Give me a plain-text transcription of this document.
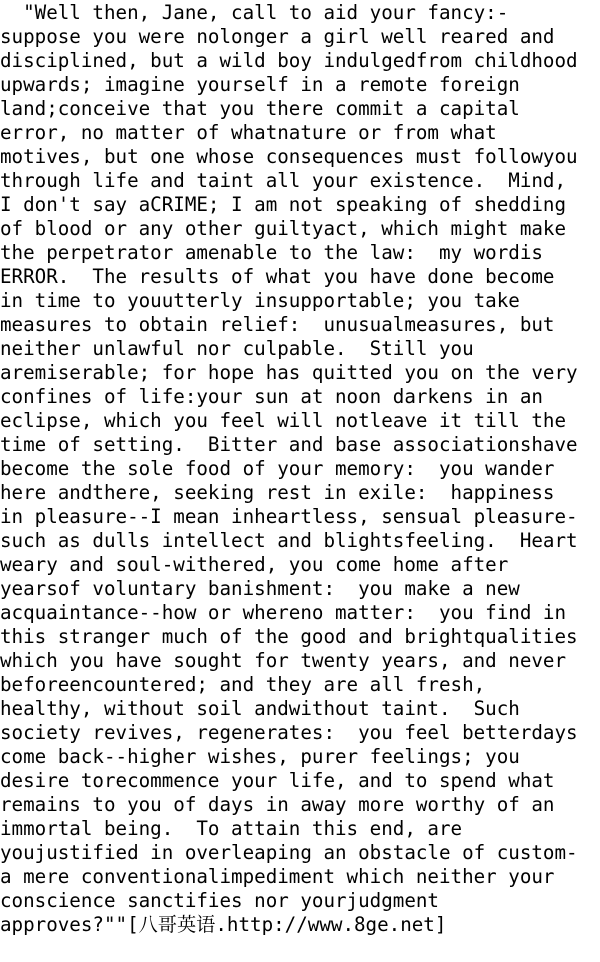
"Well then, Jane, call to aid your fancy:-
suppose you were nolonger a girl well reared and
disciplined, but a wild boy indulgedfrom childhood
upwards; imagine yourself in a remote foreign
land;conceive that you there commit a capital
error, no matter of whatnature or from what
motives, but one whose consequences must followyou
through life and taint all your existence.  Mind,
I don't say aCRIME; I am not speaking of shedding
of blood or any other guiltyact, which might make
the perpetrator amenable to the law:  my wordis
ERROR.  The results of what you have done become
in time to youutterly insupportable; you take
measures to obtain relief:  unusualmeasures, but
neither unlawful nor culpable.  Still you
aremiserable; for hope has quitted you on the very
confines of life:your sun at noon darkens in an
eclipse, which you feel will notleave it till the
time of setting.  Bitter and base associationshave
become the sole food of your memory:  you wander
here andthere, seeking rest in exile:  happiness
in pleasure--I mean inheartless, sensual pleasure-
such as dulls intellect and blightsfeeling.  Heart
weary and soul-withered, you come home after
yearsof voluntary banishment:  you make a new
acquaintance--how or whereno matter:  you find in
this stranger much of the good and brightqualities
which you have sought for twenty years, and never
beforeencountered; and they are all fresh,
healthy, without soil andwithout taint.  Such
society revives, regenerates:  you feel betterdays
come back--higher wishes, purer feelings; you
desire torecommence your life, and to spend what
remains to you of days in away more worthy of an
immortal being.  To attain this end, are
youjustified in overleaping an obstacle of custom-
a mere conventionalimpediment which neither your
conscience sanctifies nor yourjudgment
approves?""[八哥英语.http://www.8ge.net]
